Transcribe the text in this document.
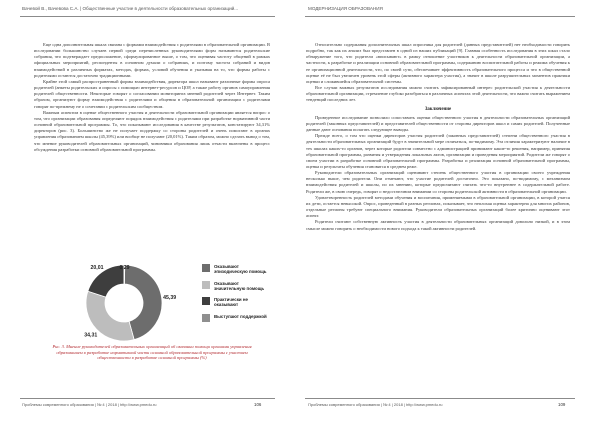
Вачевой В., Вачевова С.А. | Общественные участие в деятельности образовательных организаций...

Еще одна дополнительная шкала связана с формами взаимодействия с родителями в образовательной организации. В исследовании большинство случаев первой среди перечисленных руководителями форм называются родительские собрания, что подтверждает предположение, сформулированное выше, о том, что оценивая частоту общений в рамках официальных мероприятий, респонденты в основном думали о собраниях, и поэтому частота собраний и видов взаимодействий в различных форматах, методах, формах, условий обучения и указывая на то, что формы работы с родителями остаются достаточно традиционными.

Крайне этой самый распространенный формы взаимодействия, директора школ называют различные формы опроса родителей (анкеты родительских и опросы с помощью интернет-ресурсов и ЦОР, а также работу органов самоуправления родителей общественности. Некоторые говорят о согласовании мониторинга мнений родителей через Интернет. Таким образом, организуют форму взаимодействия с родителями и общения в образовательной организации с родителями говорят по-прежнему не о сочетании с родительским сообществом.

Важным аспектом в оценке общественного участия и деятельности образовательной организации является вопрос о том, что организации образования определяют порядок взаимодействия с родителями при разработке нормативной части основной образовательной программы. То, что показывают исследования в качестве результатов, констатируют 34,31% директоров (рис. 3). Большинство же не получает поддержку со стороны родителей и очень помогают в органах управления образованием школы (45,39%) или вообще не получают (20,01%). Таким образом, можно сделать вывод о том, что мнение руководителей образовательных организаций, чиновники образования лишь отчасти включены в процесс обсуждения разработки основной образовательной программы.

45,39
34,31
20,01	0,29	Оказывают эпизодическую помощь
Оказывают значительную помощь
Практически не оказывают
Выступают поддержкой
Рис. 3. Мнение руководителей образовательных организаций об оказании помощи органами управления образованием в разработке нормативной части основной образовательной программы с участием общественности в разработке основной программы (%)
Проблемы современного образования | № 4 | 2018 | http://www.pmedu.ru	106
МОДЕРНИЗАЦИЯ ОБРАЗОВАНИЯ

Относительно содержания дополнительных шкал опросника для родителей (данных представителей) нет необходимости говорить подробно, так как их анализ был представлен в одной из наших публикаций [9]. Главная особенность исследования в этих шкал стало обнаружение того, что родители «вписывают» в рамку отношение участников к деятельности образовательной организации, а частности, к разработке и реализации основной образовательной программы, содержанию воспитательной работы и режима обучения к ее организационной деятельности, что, по своей сути, обеспечивает эффективность образовательного процесса и что в общественной оценке её не был увеличен уровень этой сферы (активного характера участия), а значит в школе разрушительных моментов практики оценки и сложившейся образовательной системы.

Все случаи важных результатов исследования можно считать зафиксированный интерес родительской участия к деятельности образовательной организации, стремление глубоко разобраться в различных аспектах этой деятельности, что важно считать выражением тенденций последних лет.

Заключение

Проведенное исследование позволило сопоставить оценки общественного участия в деятельности образовательных организаций родителей (законных представителей) и представителей общественности от стороны директоров школ и самих родителей. Полученные данные дают основания полагать следующее выводы.

Прежде всего, о том что оценки директоров участия родителей (законных представителей) степени общественного участия в деятельности образовательных организаций будут в значительной мере отличаться, по-видимому. Эта отличия характеризуют наличие в тех школах каких-то органов, через которые родители совместно с администрацией принимают какие-то решения, например, принятия образовательной программы, развития и утверждения локальных актов, организации и проведения мероприятий. Родители же говорят о своем участии в разработке основной образовательной программы. Разработка и реализация основной образовательной программы, оценка и результаты обучения становятся в среднем реже.

Руководители образовательных организаций оценивают степень общественного участия в организации своего учреждения несколько выше, чем родители. Они отмечают, что участие родителей достаточно. Это показано, по-видимому, с механизмом взаимодействия родителей и школы, по их мнению, которые предпочитают считать что-то внутреннее в содержательной работе. Родители же, в свою очередь, говорят о недостаточном внимании со стороны родительской активности в образовательной организации.

Удовлетворенность родителей методами обучения и воспитания, применяемыми в образовательной организации, в которой учатся их дети, остается невысокой. Опрос, проведенный в разных регионах, показывает, что неплохая оценка характерна для многих районов, отдельные регионы требуют специального внимания. Руководители образовательных организаций более критично оценивают этот аспект.

Родители считают собственную активность участия в деятельности образовательных организаций довольно низкой, и в этом смысле можно говорить о необходимости нового подхода к такой активности родителей.

Проблемы современного образования | № 4 | 2018 | http://www.pmedu.ru	109
